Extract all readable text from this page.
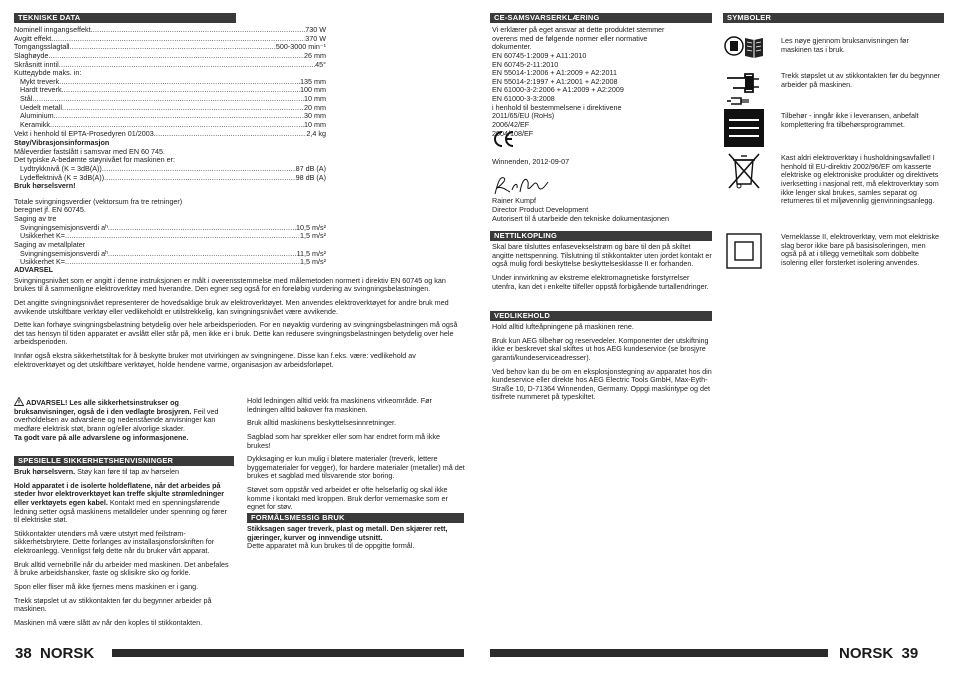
TEKNISKE DATA
Nominell inngangseffekt .....	730 W
Avgitt effekt .....	370 W
Tomgangsslagtall .....	500-3000 min⁻¹
Slaghøyde .....	26 mm
Skråsnitt inntil .....	45°
Kutteдybde maks. in:
Mykt treverk .....	135 mm
Hardt treverk .....	100 mm
Stål .....	10 mm
Uedelt metall .....	20 mm
Aluminium .....	30 mm
Keramikk .....	10 mm
Vekt i henhold til EPTA-Prosedyren 01/2003 .....	2,4 kg
Støy/Vibrasjonsinformasjon
Måleverdier fastslått i samsvar med EN 60 745.
Det typiske A-bedømte støynivået for maskinen er:
Lydtrykknivå (K = 3dB(A)) .....	87 dB (A)
Lydeffektnivå (K = 3dB(A)) .....	98 dB (A)
Bruk hørselsvern!
Totale svingningsverdier (vektorsum fra tre retninger)
beregnet jf. EN 60745.
Saging av tre
Svingningsemisjonsverdi a h .....	10,5 m/s²
Usikkerhet K= .....	1,5 m/s²
Saging av metallplater
Svingningsemisjonsverdi a h .....	11,5 m/s²
Usikkerhet K= .....	1,5 m/s²
ADVARSEL

Svingningsnivået som er angitt i denne instruksjonen er målt i overensstemmelse med målemetoden normert i direktiv EN 60745 og kan brukes til å sammenligne elektroverktøy med hverandre. Den egner seg også for en foreløbig vurdering av svingningsbelastningen.

Det angitte svingningsnivået representerer de hovedsaklige bruk av elektroverktøyet. Men anvendes elektroverktøyet for andre bruk med avvikende utskiftbare verktøy eller vedlikeholdt er utilstrekkelig, kan svingningsnivået være avvikende.

Dette kan forhøye svingningsbelastning betydelig over hele arbeidsperioden. For en nøyaktig vurdering av svingningsbelastningen må også det tas hensyn til tiden apparatet er avslått eller står på, men ikke er i bruk. Dette kan redusere svingningsbelastningen betydelig over hele arbeidsperioden.

Innfør også ekstra sikkerhetstiltak for å beskytte bruker mot utvirkingen av svingningene. Disse kan f.eks. være: vedlikehold av elektroverktøyet og det utskiftbare verktøyet, holde hendene varme, organisasjon av arbeidsforløpet.

ADVARSEL! Les alle sikkerhetsinstrukser og bruksanvisninger, også de i den vedlagte brosjyren. Feil ved overholdelsen av advarslene og nedenstående anvisninger kan medføre elektrisk støt, brann og/eller alvorlige skader.
Ta godt vare på alle advarslene og informasjonene.

SPESIELLE SIKKERHETSHENVISNINGER

Bruk hørselsvern. Støy kan føre til tap av hørselen

Hold apparatet i de isolerte holdeflatene, når det arbeides på steder hvor elektroverktøyet kan treffe skjulte strømledninger eller verktøyets egen kabel. Kontakt med en spenningsførende ledning setter også maskinens metalldeler under spenning og fører til elektriske støt.

Stikkontakter utendørs må være utstyrt med feilstrøm-sikkerhetsbrytere. Dette forlanges av installasjonsforskriften for elektroanlegg. Vennligst følg dette når du bruker vårt apparat.

Bruk alltid vernebrille når du arbeider med maskinen. Det anbefales å bruke arbeidshansker, faste og sklisikre sko og forkle.

Spon eller fliser må ikke fjernes mens maskinen er i gang.

Trekk støpslet ut av stikkontakten før du begynner arbeider på maskinen.

Maskinen må være slått av når den koples til stikkontakten.

Hold ledningen alltid vekk fra maskinens virkeområde. Før ledningen alltid bakover fra maskinen.

Bruk alltid maskinens beskyttelsesinnretninger.

Sagblad som har sprekker eller som har endret form må ikke brukes!

Dykksaging er kun mulig i bløtere materialer (treverk, lettere byggematerialer for vegger), for hardere materialer (metaller) må det brukes et sagblad med tilsvarende stor boring.

Støvet som oppstår ved arbeidet er ofte helsefarlig og skal ikke komme i kontakt med kroppen. Bruk derfor vernemaske som er egnet for støv.

FORMÅLSMESSIG BRUK
Stikksagen sager treverk, plast og metall. Den skjærer rett, gjæringer, kurver og innvendige utsnitt.
Dette apparatet må kun brukes til de oppgitte formål.
38 NORSK
CE-SAMSVARSERKLÆRING
Vi erklærer på eget ansvar at dette produktet stemmer
overens med de følgende normer eller normative
dokumenter.
EN 60745-1:2009 + A11:2010
EN 60745-2-11:2010
EN 55014-1:2006 + A1:2009 + A2:2011
EN 55014-2:1997 + A1:2001 + A2:2008
EN 61000-3-2:2006 + A1:2009 + A2:2009
EN 61000-3-3:2008
i henhold til bestemmelsene i direktivene
2011/65/EU (RoHs)
2006/42/EF
2004/108/EF
Winnenden, 2012-09-07
Rainer Kumpf
Director Product Development
Autorisert til å utarbeide den tekniske dokumentasjonen
NETTILKOPLING

Skal bare tilsluttes enfasevekselstrøm og bare til den på skiltet angitte nettspenning. Tilslutning til stikkontakter uten jordet kontakt er også mulig fordi beskyttelse beskyttelsesklasse II er forhanden.

Under innvirkning av ekstreme elektromagnetiske forstyrrelser utenfra, kan det i enkelte tilfeller oppstå forbigående turtallendringer.

VEDLIKEHOLD

Hold alltid lufteåpningene på maskinen rene.

Bruk kun AEG tilbehør og reservedeler. Komponenter der utskiftning ikke er beskrevet skal skiftes ut hos AEG kundeservice (se brosjyre garanti/kundeserviceadresser).

Ved behov kan du be om en eksplosjonstegning av apparatet hos din kundeservice eller direkte hos AEG Electric Tools GmbH, Max-Eyth-Straße 10, D-71364 Winnenden, Germany. Oppgi maskintype og det tisifrete nummeret på typeskiltet.

SYMBOLER
Les nøye gjennom bruksanvisningen før maskinen tas i bruk.
Trekk støpslet ut av stikkontakten før du begynner arbeider på maskinen.
Tilbehør - inngår ikke i leveransen, anbefalt komplettering fra tilbehørsprogrammet.
Kast aldri elektroverktøy i husholdningsavfallet! I henhold til EU-direktiv 2002/96/EF om kasserte elektriske og elektroniske produkter og direktivets iverksetting i nasjonal rett, må elektroverktøy som ikke lenger skal brukes, samles separat og returneres til et miljøvennlig gjenvinningsanlegg.
Verneklasse II, elektroverktøy, vern mot elektriske slag beror ikke bare på basisisoleringen, men også på at i tillegg vernetiltak som dobbelte isolering eller forsterket isolering anvendes.
NORSK 39
